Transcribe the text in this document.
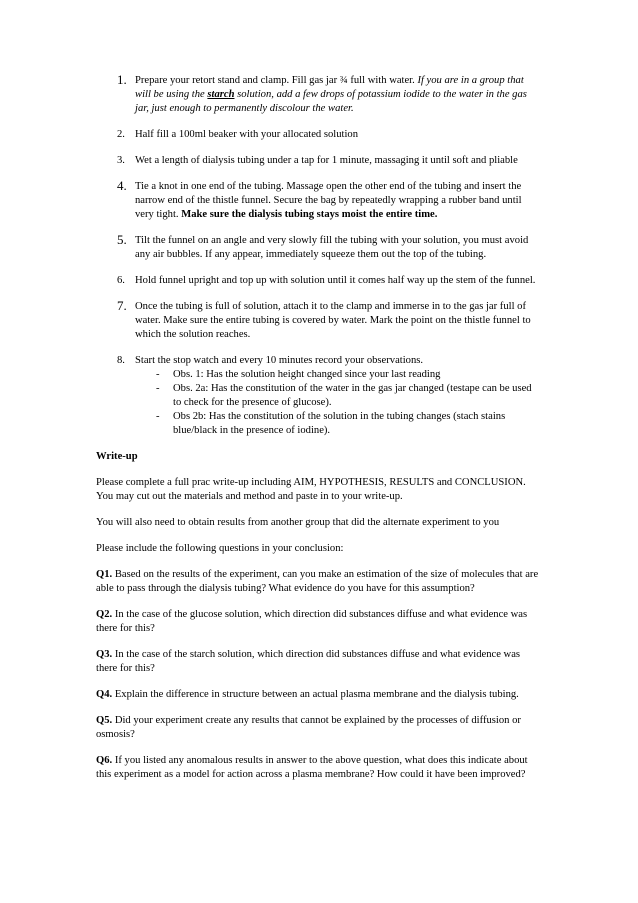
1. Prepare your retort stand and clamp. Fill gas jar ¾ full with water. If you are in a group that will be using the starch solution, add a few drops of potassium iodide to the water in the gas jar, just enough to permanently discolour the water.
2. Half fill a 100ml beaker with your allocated solution
3. Wet a length of dialysis tubing under a tap for 1 minute, massaging it until soft and pliable
4. Tie a knot in one end of the tubing. Massage open the other end of the tubing and insert the narrow end of the thistle funnel. Secure the bag by repeatedly wrapping a rubber band until very tight. Make sure the dialysis tubing stays moist the entire time.
5. Tilt the funnel on an angle and very slowly fill the tubing with your solution, you must avoid any air bubbles. If any appear, immediately squeeze them out the top of the tubing.
6. Hold funnel upright and top up with solution until it comes half way up the stem of the funnel.
7. Once the tubing is full of solution, attach it to the clamp and immerse in to the gas jar full of water. Make sure the entire tubing is covered by water. Mark the point on the thistle funnel to which the solution reaches.
8. Start the stop watch and every 10 minutes record your observations.
- Obs. 1: Has the solution height changed since your last reading
- Obs. 2a: Has the constitution of the water in the gas jar changed (testape can be used to check for the presence of glucose).
- Obs 2b: Has the constitution of the solution in the tubing changes (stach stains blue/black in the presence of iodine).
Write-up

Please complete a full prac write-up including AIM, HYPOTHESIS, RESULTS and CONCLUSION. You may cut out the materials and method and paste in to your write-up.

You will also need to obtain results from another group that did the alternate experiment to you

Please include the following questions in your conclusion:

Q1. Based on the results of the experiment, can you make an estimation of the size of molecules that are able to pass through the dialysis tubing? What evidence do you have for this assumption?

Q2. In the case of the glucose solution, which direction did substances diffuse and what evidence was there for this?

Q3. In the case of the starch solution, which direction did substances diffuse and what evidence was there for this?

Q4. Explain the difference in structure between an actual plasma membrane and the dialysis tubing.

Q5. Did your experiment create any results that cannot be explained by the processes of diffusion or osmosis?

Q6. If you listed any anomalous results in answer to the above question, what does this indicate about this experiment as a model for action across a plasma membrane? How could it have been improved?
